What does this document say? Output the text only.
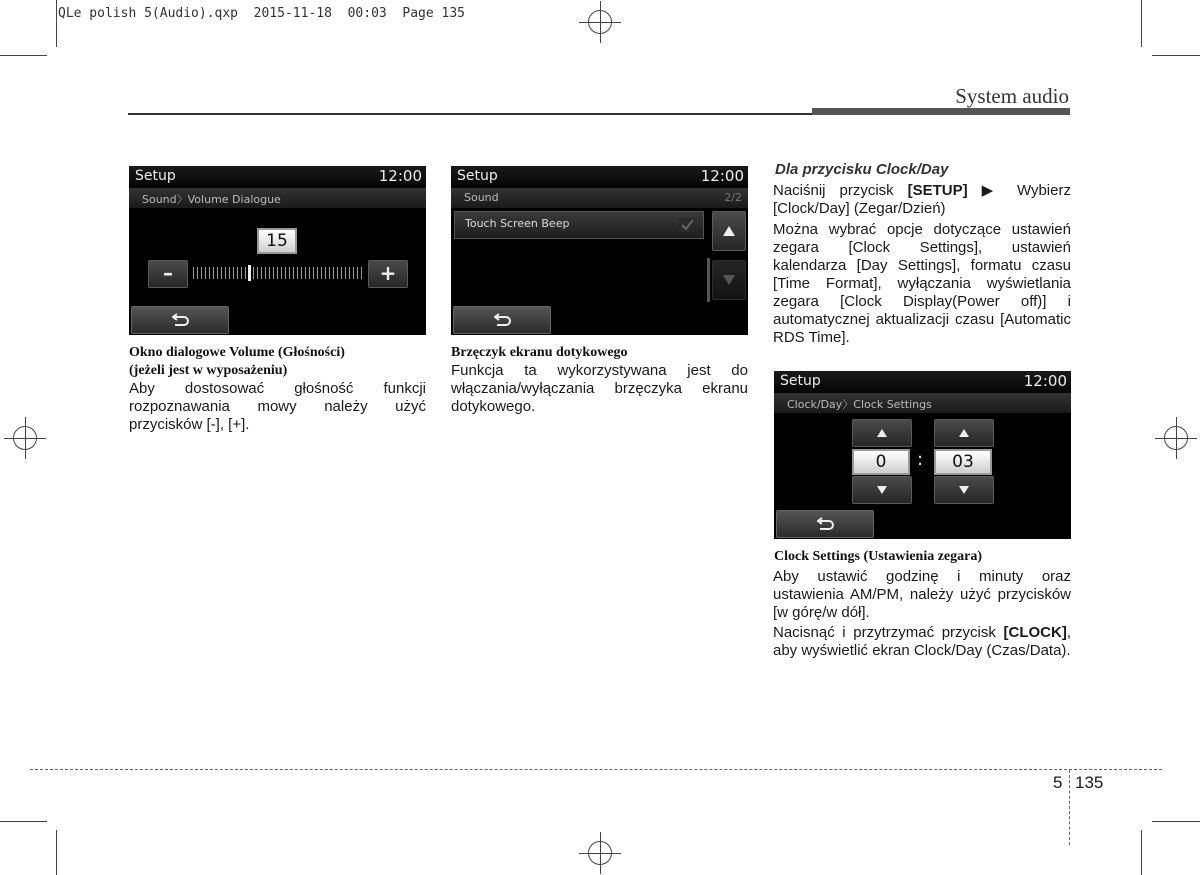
QLe polish 5(Audio).qxp  2015-11-18  00:03  Page 135
System audio
Setup	12:00
Sound〉Volume Dialogue
15
–	+
Setup	12:00
Sound	2/2
Touch Screen Beep
Okno dialogowe Volume (Głośności)
(jeżeli jest w wyposażeniu)
Aby dostosować głośność funkcji rozpoznawania mowy należy użyć przycisków [-], [+].
Brzęczyk ekranu dotykowego
Funkcja ta wykorzystywana jest do włączania/wyłączania brzęczyka ekranu dotykowego.
Dla przycisku Clock/Day
Naciśnij przycisk [SETUP] ▶ Wybierz [Clock/Day] (Zegar/Dzień)
Można wybrać opcje dotyczące ustawień zegara [Clock Settings], ustawień kalendarza [Day Settings], formatu czasu [Time Format], wyłączania wyświetlania zegara [Clock Display(Power off)] i automatycznej aktualizacji czasu [Automatic RDS Time].
Setup	12:00
Clock/Day〉Clock Settings
0	:	03
Clock Settings (Ustawienia zegara)
Aby ustawić godzinę i minuty oraz ustawienia AM/PM, należy użyć przycisków [w górę/w dół].
Nacisnąć i przytrzymać przycisk [CLOCK], aby wyświetlić ekran Clock/Day (Czas/Data).
5 135
